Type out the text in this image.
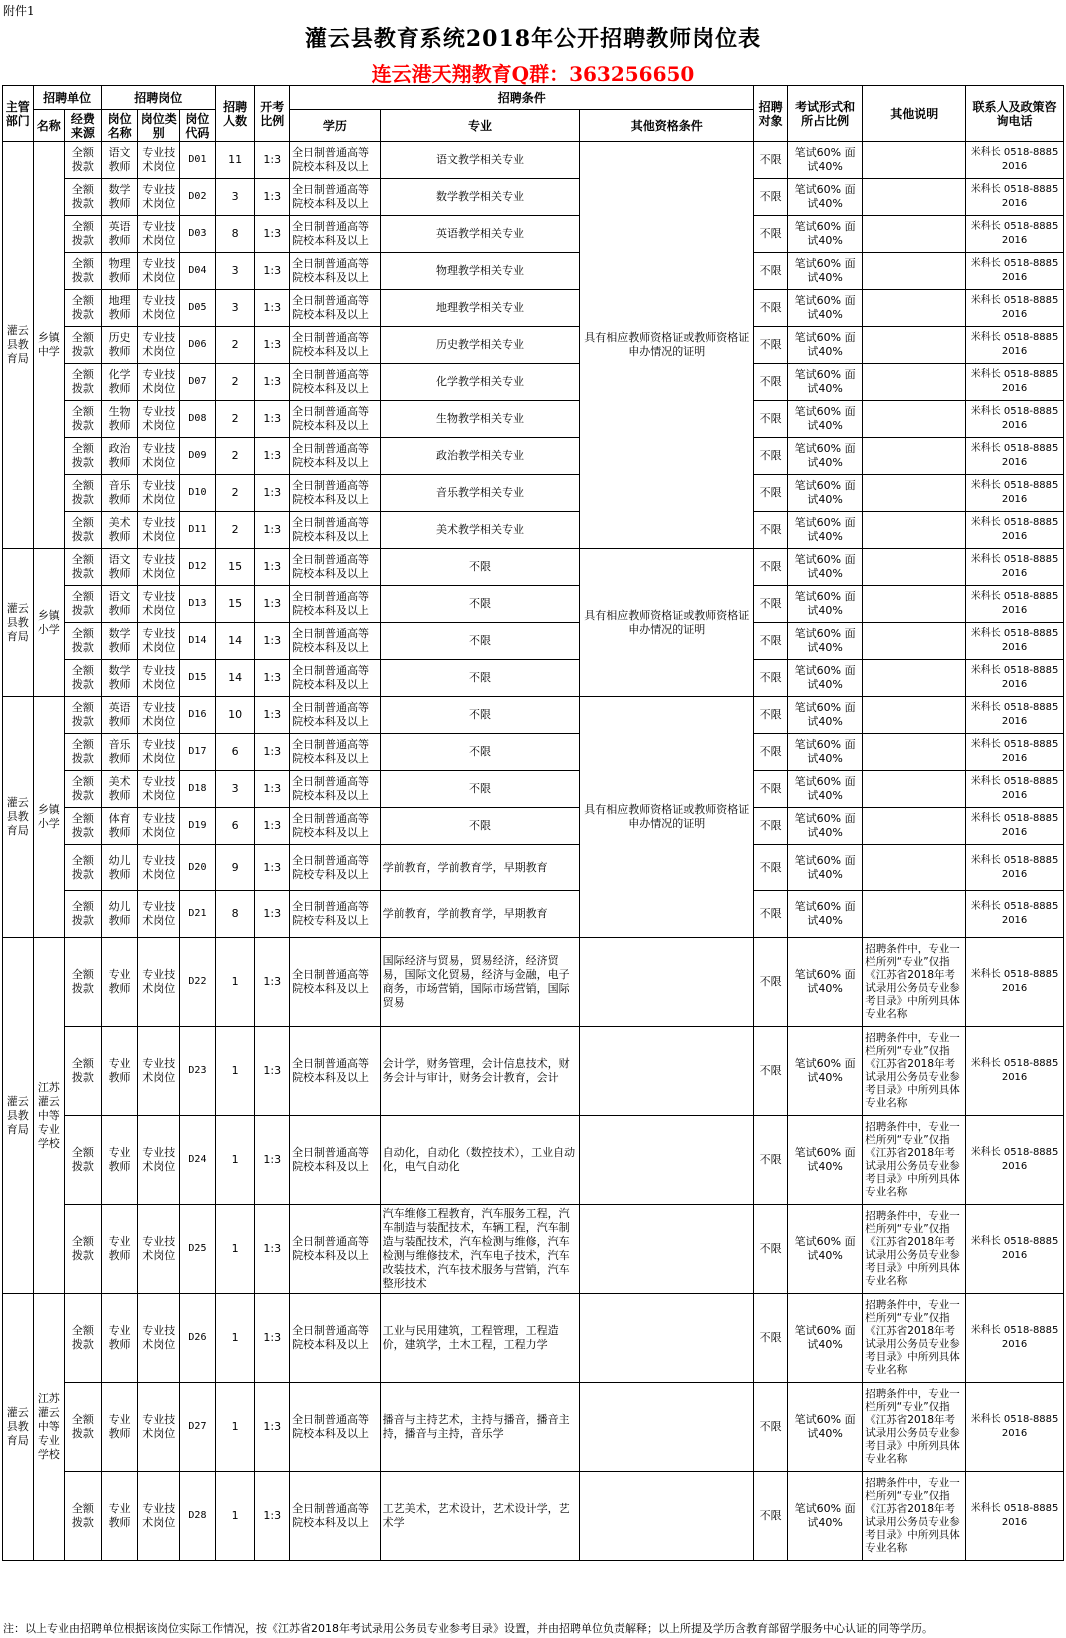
附件1
灌云县教育系统2018年公开招聘教师岗位表
连云港天翔教育Q群：363256650
主管部门	招聘单位		招聘岗位			招聘人数	开考比例	招聘条件			招聘对象	考试形式和所占比例	其他说明	联系人及政策咨询电话
	名称	经费来源	岗位名称	岗位类别	岗位代码			学历	专业	其他资格条件				
灌云县教育局	乡镇中学	全额拨款	语文教师	专业技术岗位	D01	11	1:3	全日制普通高等院校本科及以上	语文教学相关专业	具有相应教师资格证或教师资格证申办情况的证明	不限	笔试60% 面试40%		米科长 0518-88852016
		全额拨款	数学教师	专业技术岗位	D02	3	1:3	全日制普通高等院校本科及以上	数学教学相关专业		不限	笔试60% 面试40%		米科长 0518-88852016
		全额拨款	英语教师	专业技术岗位	D03	8	1:3	全日制普通高等院校本科及以上	英语教学相关专业		不限	笔试60% 面试40%		米科长 0518-88852016
		全额拨款	物理教师	专业技术岗位	D04	3	1:3	全日制普通高等院校本科及以上	物理教学相关专业		不限	笔试60% 面试40%		米科长 0518-88852016
		全额拨款	地理教师	专业技术岗位	D05	3	1:3	全日制普通高等院校本科及以上	地理教学相关专业		不限	笔试60% 面试40%		米科长 0518-88852016
		全额拨款	历史教师	专业技术岗位	D06	2	1:3	全日制普通高等院校本科及以上	历史教学相关专业		不限	笔试60% 面试40%		米科长 0518-88852016
		全额拨款	化学教师	专业技术岗位	D07	2	1:3	全日制普通高等院校本科及以上	化学教学相关专业		不限	笔试60% 面试40%		米科长 0518-88852016
		全额拨款	生物教师	专业技术岗位	D08	2	1:3	全日制普通高等院校本科及以上	生物教学相关专业		不限	笔试60% 面试40%		米科长 0518-88852016
		全额拨款	政治教师	专业技术岗位	D09	2	1:3	全日制普通高等院校本科及以上	政治教学相关专业		不限	笔试60% 面试40%		米科长 0518-88852016
		全额拨款	音乐教师	专业技术岗位	D10	2	1:3	全日制普通高等院校本科及以上	音乐教学相关专业		不限	笔试60% 面试40%		米科长 0518-88852016
		全额拨款	美术教师	专业技术岗位	D11	2	1:3	全日制普通高等院校本科及以上	美术教学相关专业		不限	笔试60% 面试40%		米科长 0518-88852016
灌云县教育局	乡镇小学	全额拨款	语文教师	专业技术岗位	D12	15	1:3	全日制普通高等院校本科及以上	不限	具有相应教师资格证或教师资格证申办情况的证明	不限	笔试60% 面试40%		米科长 0518-88852016
		全额拨款	语文教师	专业技术岗位	D13	15	1:3	全日制普通高等院校本科及以上	不限		不限	笔试60% 面试40%		米科长 0518-88852016
		全额拨款	数学教师	专业技术岗位	D14	14	1:3	全日制普通高等院校本科及以上	不限		不限	笔试60% 面试40%		米科长 0518-88852016
		全额拨款	数学教师	专业技术岗位	D15	14	1:3	全日制普通高等院校本科及以上	不限		不限	笔试60% 面试40%		米科长 0518-88852016
灌云县教育局	乡镇小学	全额拨款	英语教师	专业技术岗位	D16	10	1:3	全日制普通高等院校本科及以上	不限	具有相应教师资格证或教师资格证申办情况的证明	不限	笔试60% 面试40%		米科长 0518-88852016
		全额拨款	音乐教师	专业技术岗位	D17	6	1:3	全日制普通高等院校本科及以上	不限		不限	笔试60% 面试40%		米科长 0518-88852016
		全额拨款	美术教师	专业技术岗位	D18	3	1:3	全日制普通高等院校本科及以上	不限		不限	笔试60% 面试40%		米科长 0518-88852016
		全额拨款	体育教师	专业技术岗位	D19	6	1:3	全日制普通高等院校本科及以上	不限		不限	笔试60% 面试40%		米科长 0518-88852016
		全额拨款	幼儿教师	专业技术岗位	D20	9	1:3	全日制普通高等院校专科及以上	学前教育，学前教育学，早期教育		不限	笔试60% 面试40%		米科长 0518-88852016
		全额拨款	幼儿教师	专业技术岗位	D21	8	1:3	全日制普通高等院校专科及以上	学前教育，学前教育学，早期教育		不限	笔试60% 面试40%		米科长 0518-88852016
灌云县教育局	江苏灌云中等专业学校	全额拨款	专业教师	专业技术岗位	D22	1	1:3	全日制普通高等院校本科及以上	国际经济与贸易，贸易经济，经济贸易，国际文化贸易，经济与金融，电子商务，市场营销，国际市场营销，国际贸易		不限	笔试60% 面试40%	招聘条件中，专业一栏所列“专业”仅指《江苏省2018年考试录用公务员专业参考目录》中所列具体专业名称	米科长 0518-88852016
		全额拨款	专业教师	专业技术岗位	D23	1	1:3	全日制普通高等院校本科及以上	会计学，财务管理，会计信息技术，财务会计与审计，财务会计教育，会计		不限	笔试60% 面试40%	招聘条件中，专业一栏所列“专业”仅指《江苏省2018年考试录用公务员专业参考目录》中所列具体专业名称	米科长 0518-88852016
		全额拨款	专业教师	专业技术岗位	D24	1	1:3	全日制普通高等院校本科及以上	自动化，自动化（数控技术），工业自动化，电气自动化		不限	笔试60% 面试40%	招聘条件中，专业一栏所列“专业”仅指《江苏省2018年考试录用公务员专业参考目录》中所列具体专业名称	米科长 0518-88852016
		全额拨款	专业教师	专业技术岗位	D25	1	1:3	全日制普通高等院校本科及以上	汽车维修工程教育，汽车服务工程，汽车制造与装配技术，车辆工程，汽车制造与装配技术，汽车检测与维修，汽车检测与维修技术，汽车电子技术，汽车改装技术，汽车技术服务与营销，汽车整形技术		不限	笔试60% 面试40%	招聘条件中，专业一栏所列“专业”仅指《江苏省2018年考试录用公务员专业参考目录》中所列具体专业名称	米科长 0518-88852016
灌云县教育局	江苏灌云中等专业学校	全额拨款	专业教师	专业技术岗位	D26	1	1:3	全日制普通高等院校本科及以上	工业与民用建筑，工程管理，工程造价，建筑学，土木工程，工程力学		不限	笔试60% 面试40%	招聘条件中，专业一栏所列“专业”仅指《江苏省2018年考试录用公务员专业参考目录》中所列具体专业名称	米科长 0518-88852016
		全额拨款	专业教师	专业技术岗位	D27	1	1:3	全日制普通高等院校本科及以上	播音与主持艺术，主持与播音，播音主持，播音与主持，音乐学		不限	笔试60% 面试40%	招聘条件中，专业一栏所列“专业”仅指《江苏省2018年考试录用公务员专业参考目录》中所列具体专业名称	米科长 0518-88852016
		全额拨款	专业教师	专业技术岗位	D28	1	1:3	全日制普通高等院校本科及以上	工艺美术，艺术设计，艺术设计学，艺术学		不限	笔试60% 面试40%	招聘条件中，专业一栏所列“专业”仅指《江苏省2018年考试录用公务员专业参考目录》中所列具体专业名称	米科长 0518-88852016
注：以上专业由招聘单位根据该岗位实际工作情况，按《江苏省2018年考试录用公务员专业参考目录》设置，并由招聘单位负责解释；以上所提及学历含教育部留学服务中心认证的同等学历。
